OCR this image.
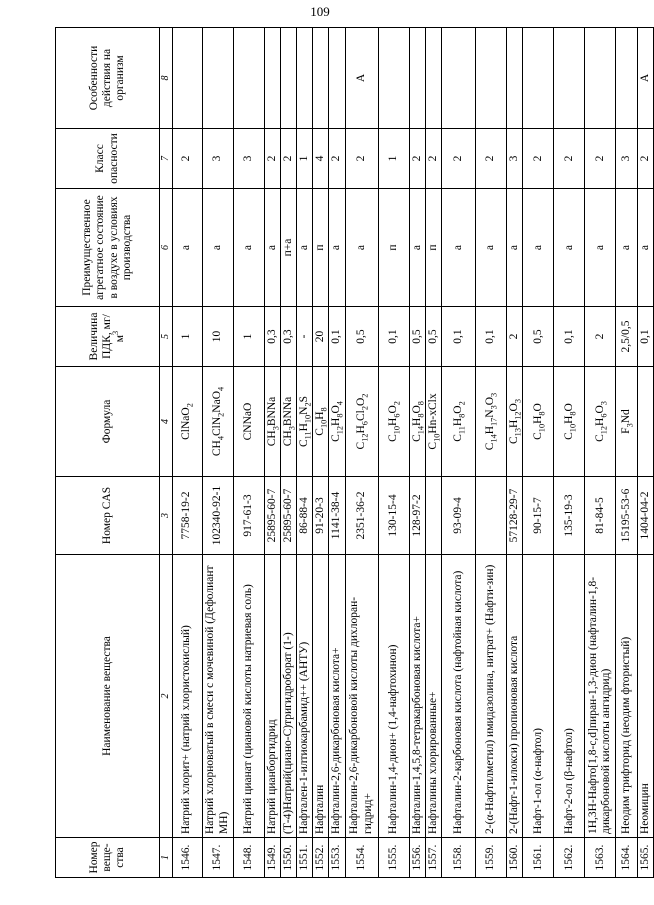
109
Номер веще-ства	Наименование вещества	Номер CAS	Формула	Величина ПДК, $мг/м^3$	Преимущественное агрегатное состояние в воздухе в условиях производства	Класс опасности	Особенности действия на организм
1	2	3	4	5	6	7	8
1546.	Натрий хлорит+ (натрий хлористокислый)	7758-19-2	ClNaO$_2$	1	а	2	
1547.	Натрий хлорноватый в смеси с мочевиной (Дефолиант МН)	102340-92-1	$CH_4ClN_2NaO_4$	10	а	3	
1548.	Натрий цианат (циановой кислоты натриевая соль)	917-61-3	CNNaO	1	а	3	
1549.	Натрий цианборгидрид	25895-60-7	$CH_3BNNa$	0,3	а	2	
1550.	(Т-4)Натрий(циано-С)тригидроборат (1-)	25895-60-7	$CH_3BNNa$	0,3	п+а	2	
1551.	Нафтален-1-илтиокарбамид++ (АНТУ)	86-88-4	$C_{11}H_{10}N_2S$	-	а	1	
1552.	Нафталин	91-20-3	$C_{10}H_8$	20	п	4	
1553.	Нафталин-2,6-дикарбоновая кислота+	1141-38-4	$C_{12}H_8O_4$	0,1	а	2	
1554.	Нафталин-2,6-дикарбоновой кислоты дихлоран-гидрид+	2351-36-2	$C_{12}H_6Cl_2O_2$	0,5	а	2	А
1555.	Нафталин-1,4-дион+ (1,4-нафтохинон)	130-15-4	$C_{10}H_6O_2$	0,1	п	1	
1556.	Нафталин-1,4,5,8-тетракарбоновая кислота+	128-97-2	$C_{14}H_8O_8$	0,5	а	2	
1557.	Нафталины хлорированные+		$C_{10}Hn$-xClx	0,5	п	2	
1558.	Нафталин-2-карбоновая кислота (нафтойная кислота)	93-09-4	$C_{11}H_8O_2$	0,1	а	2	
1559.	2-(α-Нафтилметил) имидазолина, нитрат+ (Нафти-зин)		$C_{14}H_{17}N_3O_3$	0,1	а	2	
1560.	2-(Нафт-1-илокси) пропионовая кислота	57128-29-7	$C_{13}H_{12}O_3$	2	а	3	
1561.	Нафт-1-ол (α-нафтол)	90-15-7	$C_{10}H_8O$	0,5	а	2	
1562.	Нафт-2-ол (β-нафтол)	135-19-3	$C_{10}H_8O$	0,1	а	2	
1563.	1H,3H-Нафто[1,8-c,d]пиран-1,3-дион (нафталин-1,8-дикарбоновой кислоты ангидрид)	81-84-5	$C_{12}H_6O_3$	2	а	2	
1564.	Неодим трифторид (неодим фтористый)	15195-53-6	$F_3Nd$	2,5/0,5	а	3	
1565.	Неомицин	1404-04-2		0,1	а	2	А
